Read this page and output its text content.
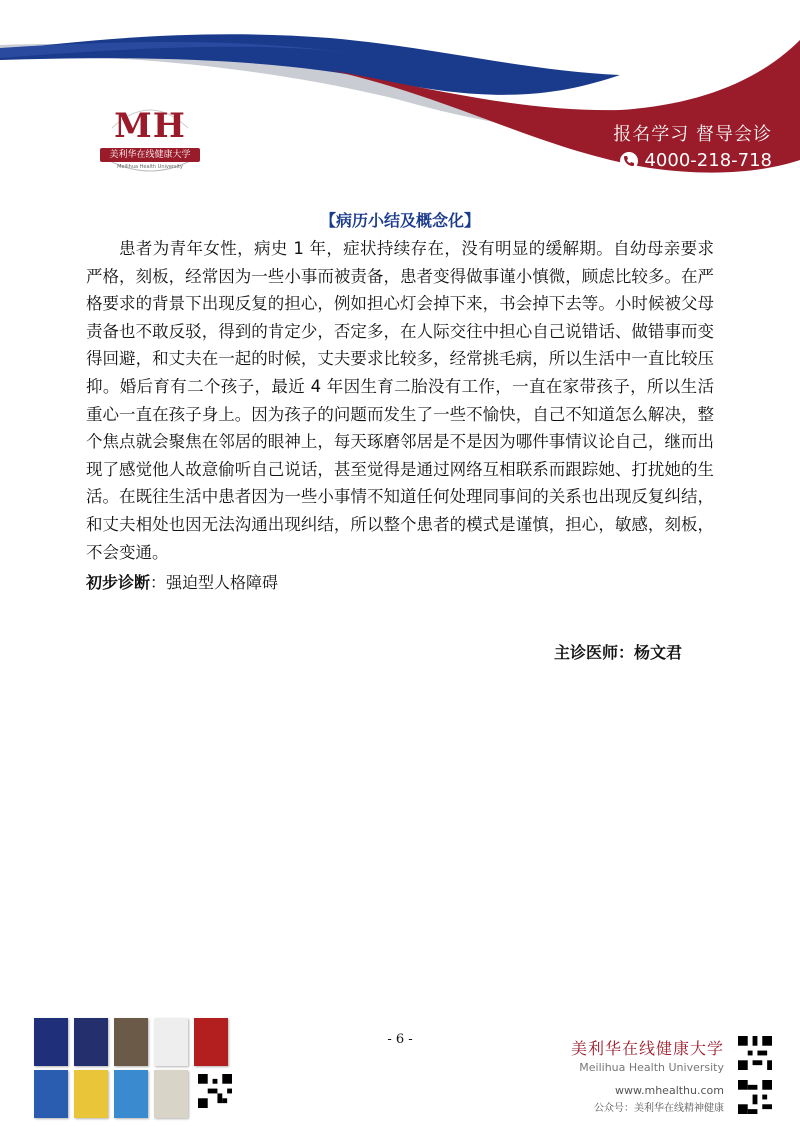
MH
美利华在线健康大学
Meilihua Health University
报名学习 督导会诊
4000-218-718
【病历小结及概念化】

患者为青年女性，病史 1 年，症状持续存在，没有明显的缓解期。自幼母亲要求严格，刻板，经常因为一些小事而被责备，患者变得做事谨小慎微，顾虑比较多。在严格要求的背景下出现反复的担心，例如担心灯会掉下来，书会掉下去等。小时候被父母责备也不敢反驳，得到的肯定少，否定多，在人际交往中担心自己说错话、做错事而变得回避，和丈夫在一起的时候，丈夫要求比较多，经常挑毛病，所以生活中一直比较压抑。婚后育有二个孩子，最近 4 年因生育二胎没有工作，一直在家带孩子，所以生活重心一直在孩子身上。因为孩子的问题而发生了一些不愉快，自己不知道怎么解决，整个焦点就会聚焦在邻居的眼神上，每天琢磨邻居是不是因为哪件事情议论自己，继而出现了感觉他人故意偷听自己说话，甚至觉得是通过网络互相联系而跟踪她、打扰她的生活。在既往生活中患者因为一些小事情不知道任何处理同事间的关系也出现反复纠结，和丈夫相处也因无法沟通出现纠结，所以整个患者的模式是谨慎，担心，敏感，刻板，不会变通。

初步诊断：强迫型人格障碍
主诊医师：杨文君
- 6 -	美利华在线健康大学
Meilihua Health University
www.mhealthu.com
公众号：美利华在线精神健康
